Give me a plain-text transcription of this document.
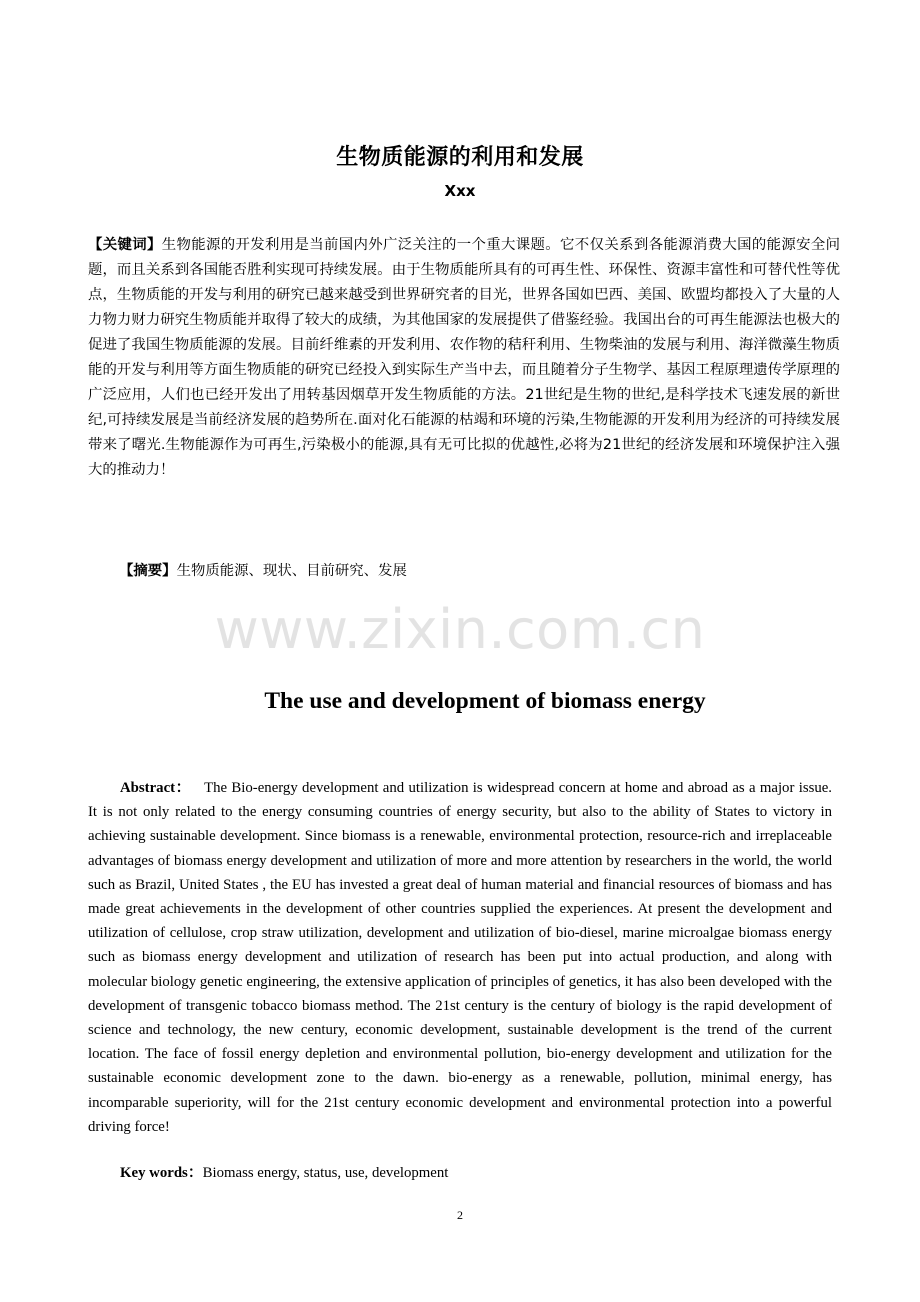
生物质能源的利用和发展

Xxx

【关键词】生物能源的开发利用是当前国内外广泛关注的一个重大课题。它不仅关系到各能源消费大国的能源安全问题，而且关系到各国能否胜利实现可持续发展。由于生物质能所具有的可再生性、环保性、资源丰富性和可替代性等优点，生物质能的开发与利用的研究已越来越受到世界研究者的目光，世界各国如巴西、美国、欧盟均都投入了大量的人力物力财力研究生物质能并取得了较大的成绩，为其他国家的发展提供了借鉴经验。我国出台的可再生能源法也极大的促进了我国生物质能源的发展。目前纤维素的开发利用、农作物的秸秆利用、生物柴油的发展与利用、海洋微藻生物质能的开发与利用等方面生物质能的研究已经投入到实际生产当中去，而且随着分子生物学、基因工程原理遗传学原理的广泛应用，人们也已经开发出了用转基因烟草开发生物质能的方法。21世纪是生物的世纪,是科学技术飞速发展的新世纪,可持续发展是当前经济发展的趋势所在.面对化石能源的枯竭和环境的污染,生物能源的开发利用为经济的可持续发展带来了曙光.生物能源作为可再生,污染极小的能源,具有无可比拟的优越性,必将为21世纪的经济发展和环境保护注入强大的推动力！

【摘要】生物质能源、现状、目前研究、发展

www.zixin.com.cn
The use and development of biomass energy

Abstract： The Bio-energy development and utilization is widespread concern at home and abroad as a major issue. It is not only related to the energy consuming countries of energy security, but also to the ability of States to victory in achieving sustainable development. Since biomass is a renewable, environmental protection, resource-rich and irreplaceable advantages of biomass energy development and utilization of more and more attention by researchers in the world, the world such as Brazil, United States , the EU has invested a great deal of human material and financial resources of biomass and has made great achievements in the development of other countries supplied the experiences. At present the development and utilization of cellulose, crop straw utilization, development and utilization of bio-diesel, marine microalgae biomass energy such as biomass energy development and utilization of research has been put into actual production, and along with molecular biology genetic engineering, the extensive application of principles of genetics, it has also been developed with the development of transgenic tobacco biomass method. The 21st century is the century of biology is the rapid development of science and technology, the new century, economic development, sustainable development is the trend of the current location. The face of fossil energy depletion and environmental pollution, bio-energy development and utilization for the sustainable economic development zone to the dawn. bio-energy as a renewable, pollution, minimal energy, has incomparable superiority, will for the 21st century economic development and environmental protection into a powerful driving force!

Key words：Biomass energy, status, use, development

2
